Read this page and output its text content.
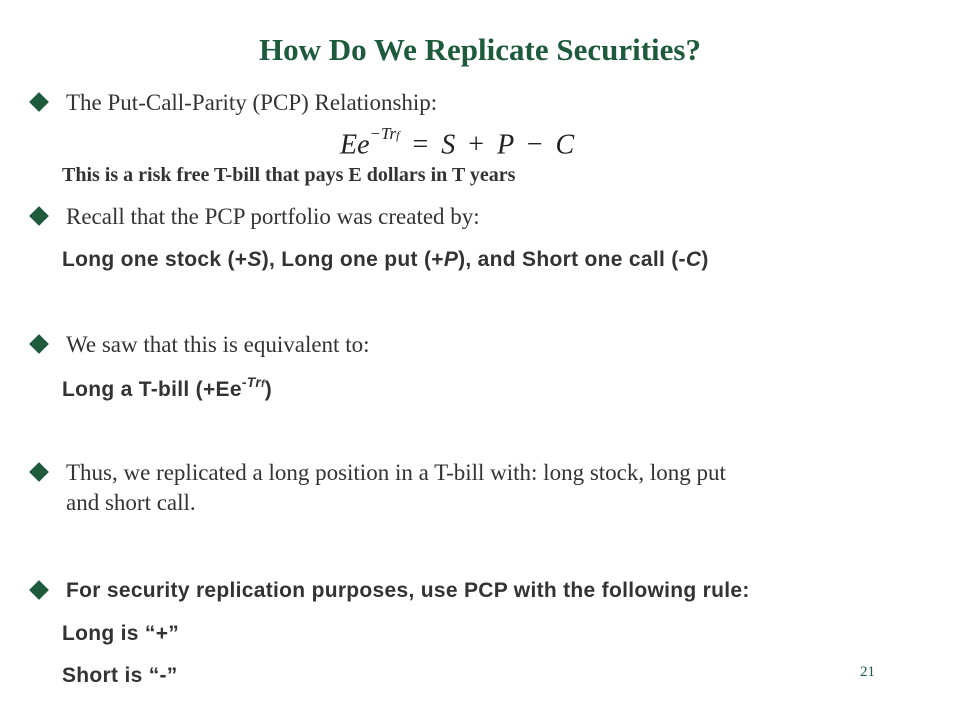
How Do We Replicate Securities?
The Put-Call-Parity (PCP) Relationship:
$Ee^{-Trf} = S + P - C$
This is a risk free T-bill that pays E dollars in T years
Recall that the PCP portfolio was created by:
Long one stock (+S), Long one put (+P), and Short one call (-C)
We saw that this is equivalent to:
Long a T-bill $(+Ee^{-Trf})$
Thus, we replicated a long position in a T-bill with: long stock, long put
and short call.
For security replication purposes, use PCP with the following rule:
Long is “+”
Short is “-”	21
